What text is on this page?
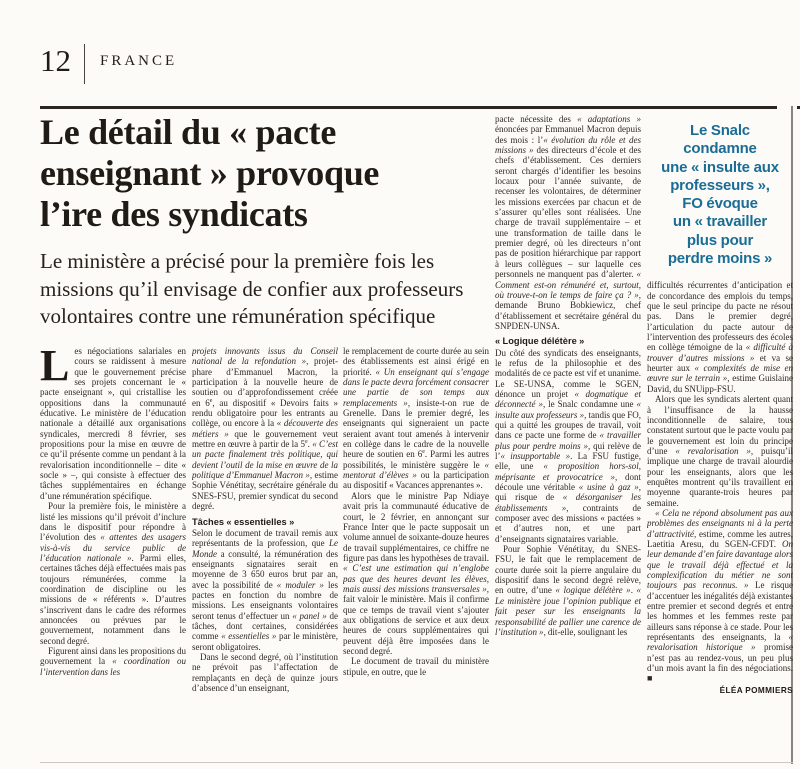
12 FRANCE
Le détail du « pacte
enseignant » provoque
l’ire des syndicats

Le ministère a précisé pour la première fois les
missions qu’il envisage de confier aux professeurs
volontaires contre une rémunération spécifique

Les négociations salariales en cours se raidissent à mesure que le gouvernement précise ses projets concernant le « pacte enseignant », qui cristallise les oppositions dans la communauté éducative. Le ministère de l’éducation nationale a détaillé aux organisations syndicales, mercredi 8 février, ses propositions pour la mise en œuvre de ce qu’il présente comme un pendant à la revalorisation inconditionnelle – dite « socle » –, qui consiste à effectuer des tâches supplémentaires en échange d’une rémunération spécifique.

Pour la première fois, le ministère a listé les missions qu’il prévoit d’inclure dans le dispositif pour répondre à l’évolution des « attentes des usagers vis-à-vis du service public de l’éducation nationale ». Parmi elles, certaines tâches déjà effectuées mais pas toujours rémunérées, comme la coordination de discipline ou les missions de « référents ». D’autres s’inscrivent dans le cadre des réformes annoncées ou prévues par le gouvernement, notamment dans le second degré.

Figurent ainsi dans les propositions du gouvernement la « coordination ou l’intervention dans les

projets innovants issus du Conseil national de la refondation », projet-phare d’Emmanuel Macron, la participation à la nouvelle heure de soutien ou d’approfondissement créée en 6e, au dispositif « Devoirs faits » rendu obligatoire pour les entrants au collège, ou encore à la « découverte des métiers » que le gouvernement veut mettre en œuvre à partir de la 5e. « C’est un pacte finalement très politique, qui devient l’outil de la mise en œuvre de la politique d’Emmanuel Macron », estime Sophie Vénétitay, secrétaire générale du SNES-FSU, premier syndicat du second degré.

Tâches « essentielles »

Selon le document de travail remis aux représentants de la profession, que Le Monde a consulté, la rémunération des enseignants signataires serait en moyenne de 3 650 euros brut par an, avec la possibilité de « moduler » les pactes en fonction du nombre de missions. Les enseignants volontaires seront tenus d’effectuer un « panel » de tâches, dont certaines, considérées comme « essentielles » par le ministère, seront obligatoires.

Dans le second degré, où l’institution ne prévoit pas l’affectation de remplaçants en deçà de quinze jours d’absence d’un enseignant,

le remplacement de courte durée au sein des établissements est ainsi érigé en priorité. « Un enseignant qui s’engage dans le pacte devra forcément consacrer une partie de son temps aux remplacements », insiste-t-on rue de Grenelle. Dans le premier degré, les enseignants qui signeraient un pacte seraient avant tout amenés à intervenir en collège dans le cadre de la nouvelle heure de soutien en 6e. Parmi les autres possibilités, le ministère suggère le « mentorat d’élèves » ou la participation au dispositif « Vacances apprenantes ».

Alors que le ministre Pap Ndiaye avait pris la communauté éducative de court, le 2 février, en annonçant sur France Inter que le pacte supposait un volume annuel de soixante-douze heures de travail supplémentaires, ce chiffre ne figure pas dans les hypothèses de travail. « C’est une estimation qui n’englobe pas que des heures devant les élèves, mais aussi des missions transversales », fait valoir le ministère. Mais il confirme que ce temps de travail vient s’ajouter aux obligations de service et aux deux heures de cours supplémentaires qui peuvent déjà être imposées dans le second degré.

Le document de travail du ministère stipule, en outre, que le

pacte nécessite des « adaptations » énoncées par Emmanuel Macron depuis des mois : l’« évolution du rôle et des missions » des directeurs d’école et des chefs d’établissement. Ces derniers seront chargés d’identifier les besoins locaux pour l’année suivante, de recenser les volontaires, de déterminer les missions exercées par chacun et de s’assurer qu’elles sont réalisées. Une charge de travail supplémentaire – et une transformation de taille dans le premier degré, où les directeurs n’ont pas de position hiérarchique par rapport à leurs collègues – sur laquelle ces personnels ne manquent pas d’alerter. « Comment est-on rémunéré et, surtout, où trouve-t-on le temps de faire ça ? », demande Bruno Bobkiewicz, chef d’établissement et secrétaire général du SNPDEN-UNSA.

« Logique délétère »

Du côté des syndicats des enseignants, le refus de la philosophie et des modalités de ce pacte est vif et unanime. Le SE-UNSA, comme le SGEN, dénonce un projet « dogmatique et déconnecté », le Snalc condamne une « insulte aux professeurs », tandis que FO, qui a quitté les groupes de travail, voit dans ce pacte une forme de « travailler plus pour perdre moins », qui relève de l’« insupportable ». La FSU fustige, elle, une « proposition hors-sol, méprisante et provocatrice », dont découle une véritable « usine à gaz », qui risque de « désorganiser les établissements », contraints de composer avec des missions « pactées » et d’autres non, et une part d’enseignants signataires variable.

Pour Sophie Vénétitay, du SNES-FSU, le fait que le remplacement de courte durée soit la pierre angulaire du dispositif dans le second degré relève, en outre, d’une « logique délétère ». « Le ministère joue l’opinion publique et fait peser sur les enseignants la responsabilité de pallier une carence de l’institution », dit-elle, soulignant les

Le Snalc
condamne
une « insulte aux
professeurs »,
FO évoque
un « travailler
plus pour
perdre moins »

difficultés récurrentes d’anticipation et de concordance des emplois du temps, que le seul principe du pacte ne résout pas. Dans le premier degré, l’articulation du pacte autour de l’intervention des professeurs des écoles en collège témoigne de la « difficulté à trouver d’autres missions » et va se heurter aux « complexités de mise en œuvre sur le terrain », estime Guislaine David, du SNUipp-FSU.

Alors que les syndicats alertent quant à l’insuffisance de la hausse inconditionnelle de salaire, tous constatent surtout que le pacte voulu par le gouvernement est loin du principe d’une « revalorisation », puisqu’il implique une charge de travail alourdie pour les enseignants, alors que les enquêtes montrent qu’ils travaillent en moyenne quarante-trois heures par semaine.

« Cela ne répond absolument pas aux problèmes des enseignants ni à la perte d’attractivité, estime, comme les autres, Laetitia Aresu, du SGEN-CFDT. On leur demande d’en faire davantage alors que le travail déjà effectué et la complexification du métier ne sont toujours pas reconnus. » Le risque d’accentuer les inégalités déjà existantes entre premier et second degrés et entre les hommes et les femmes reste par ailleurs sans réponse à ce stade. Pour les représentants des enseignants, la « revalorisation historique » promise n’est pas au rendez-vous, un peu plus d’un mois avant la fin des négociations. ■

ÉLÉA POMMIERS
